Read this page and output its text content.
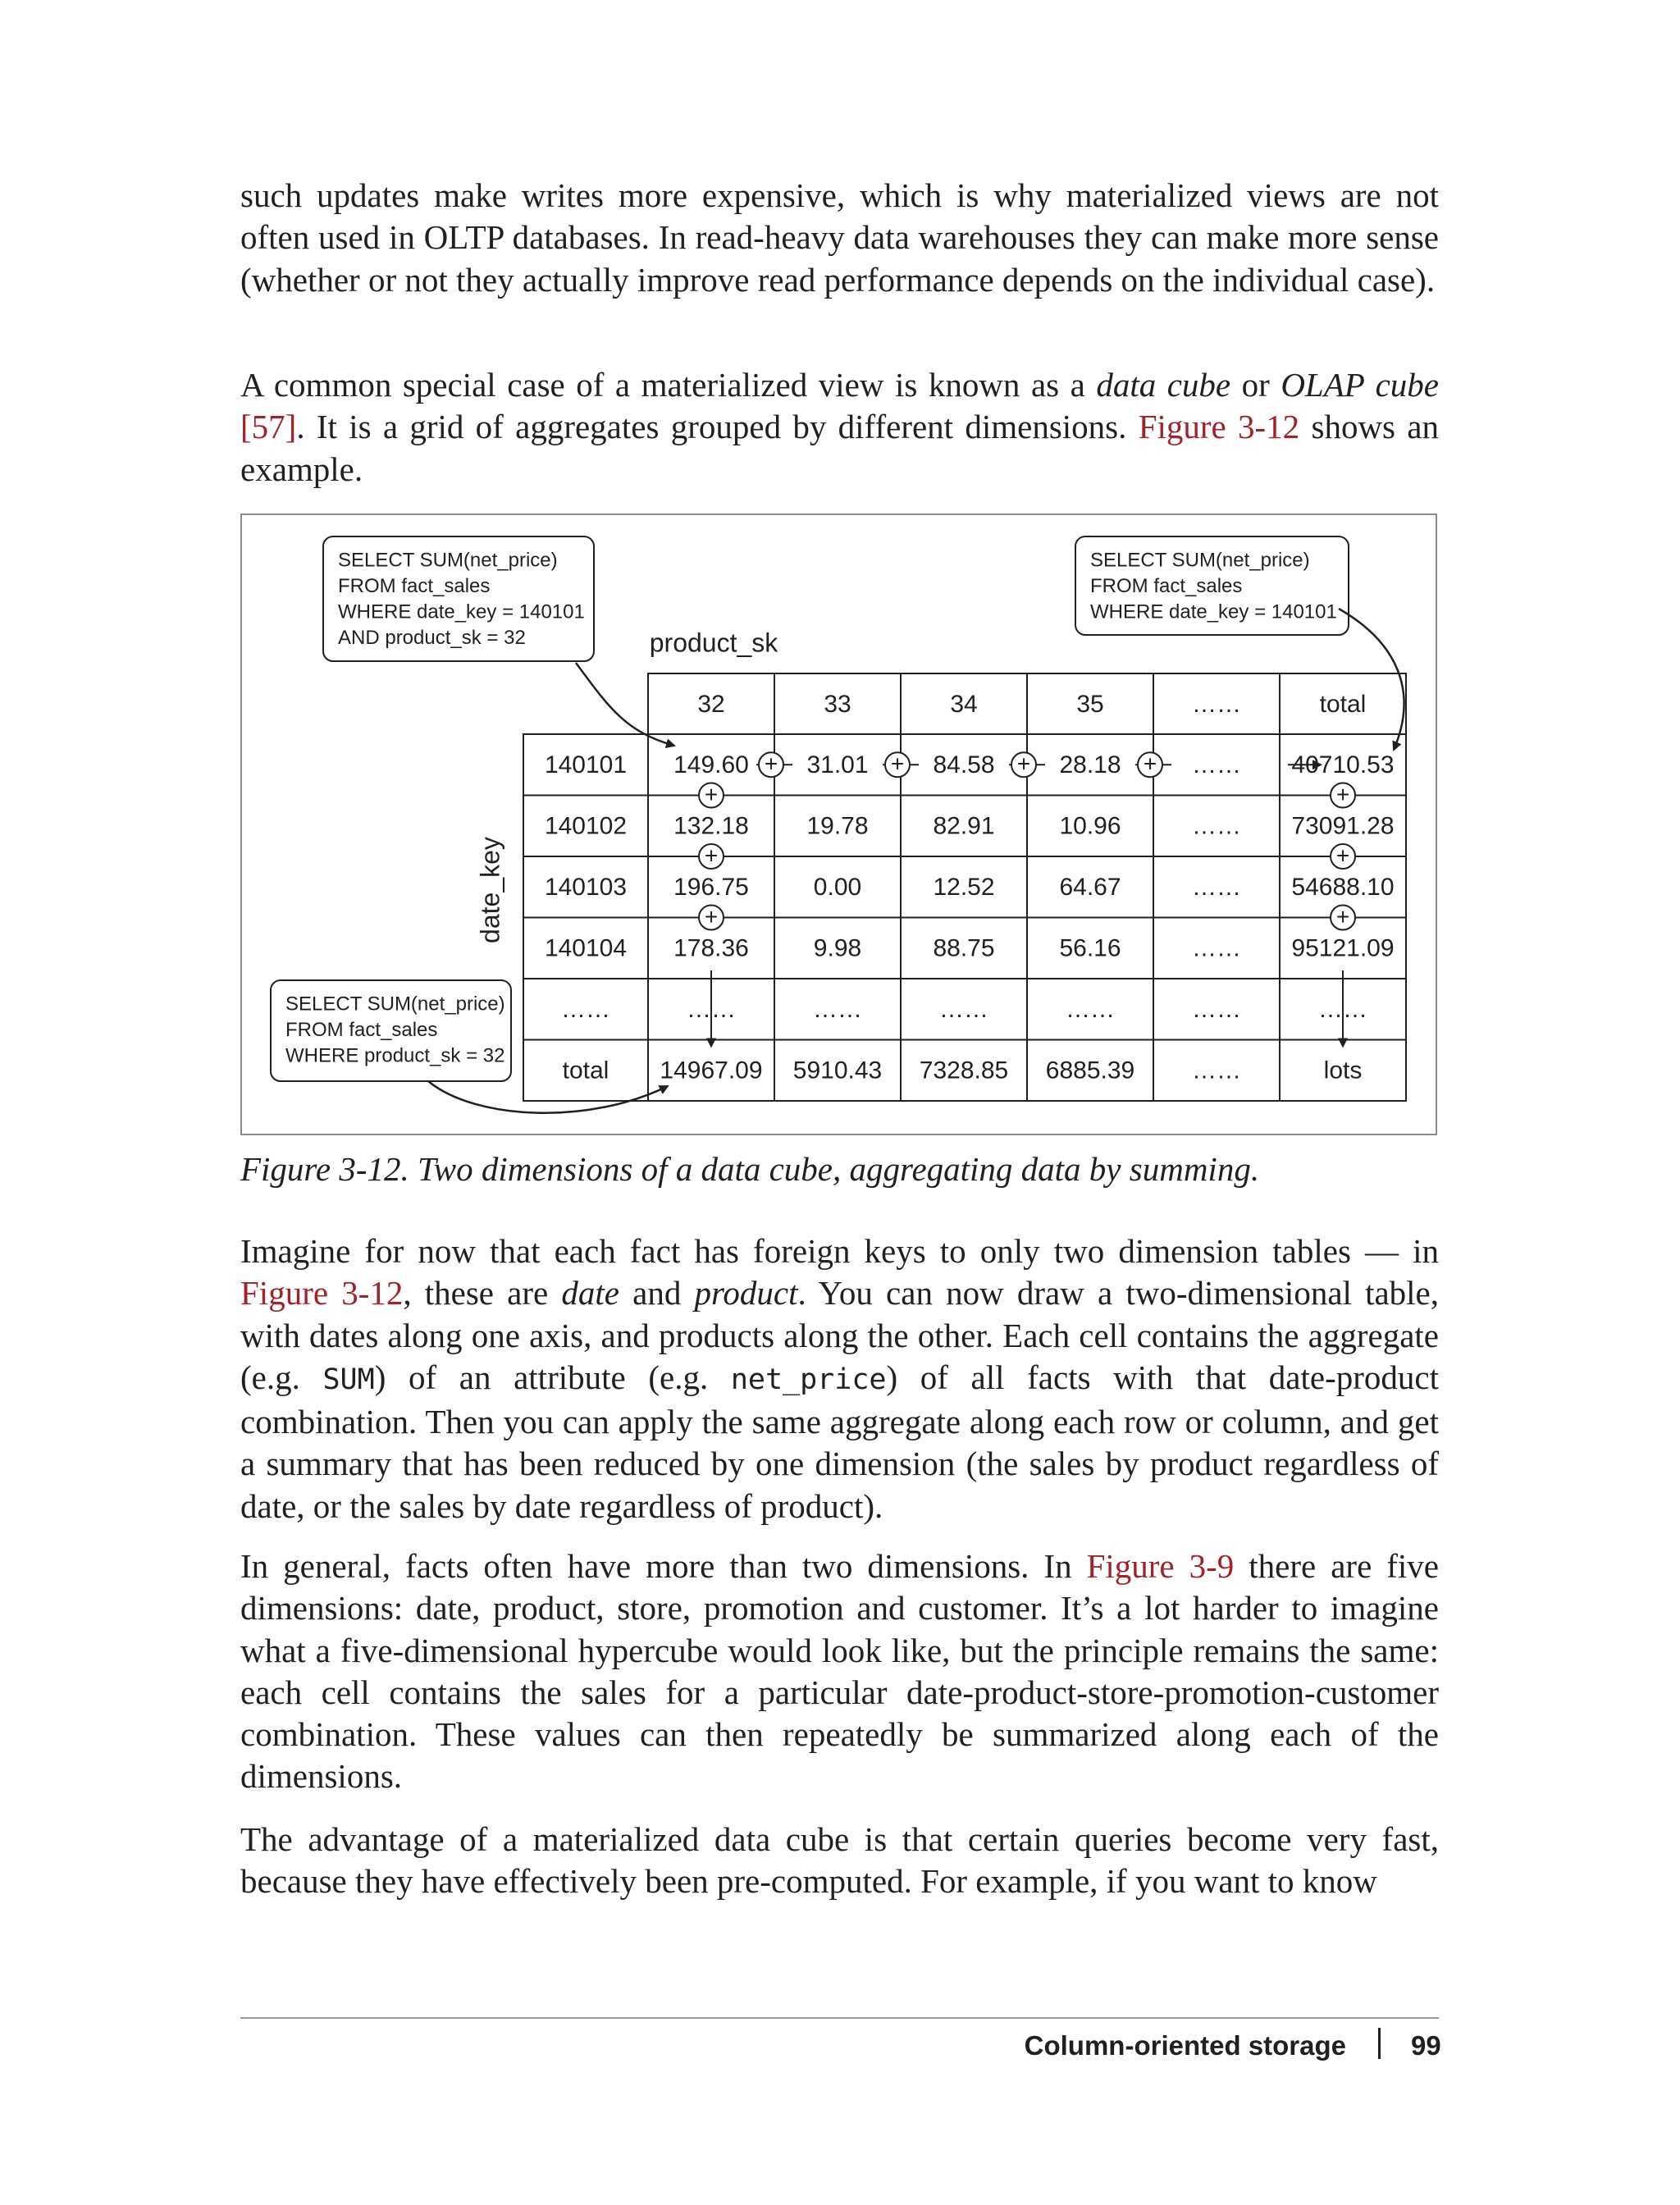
such updates make writes more expensive, which is why materialized views are not often used in OLTP databases. In read-heavy data warehouses they can make more sense (whether or not they actually improve read performance depends on the individual case).

A common special case of a materialized view is known as a data cube or OLAP cube [57]. It is a grid of aggregates grouped by different dimensions. Figure 3-12 shows an example.

32	33	34	35	……	total
product_sk
date_key
140101 149.60 31.01	84.58	28.18	…… 40710.53
140102 132.18 19.78	82.91	10.96	…… 73091.28
140103 196.75	0.00	12.52	64.67	…… 54688.10
140104 178.36	9.98	88.75	56.16	…… 95121.09
……	……	……	……	……	……	……
total 14967.09 5910.43 7328.85 6885.39 ……	lots
+	+	+	+
+
+
+
+
+
+
SELECT SUM(net_price)
FROM fact_sales
WHERE date_key = 140101
AND product_sk = 32
SELECT SUM(net_price)
FROM fact_sales
WHERE date_key = 140101
SELECT SUM(net_price)
FROM fact_sales
WHERE product_sk = 32

Figure 3-12. Two dimensions of a data cube, aggregating data by summing.

Imagine for now that each fact has foreign keys to only two dimension tables — in Figure 3-12, these are date and product. You can now draw a two-dimensional table, with dates along one axis, and products along the other. Each cell contains the aggregate (e.g. SUM) of an attribute (e.g. net_price) of all facts with that date-product combination. Then you can apply the same aggregate along each row or column, and get a summary that has been reduced by one dimension (the sales by product regardless of date, or the sales by date regardless of product).

In general, facts often have more than two dimensions. In Figure 3-9 there are five dimensions: date, product, store, promotion and customer. It’s a lot harder to imagine what a five-dimensional hypercube would look like, but the principle remains the same: each cell contains the sales for a particular date-product-store-promotion-customer combination. These values can then repeatedly be summarized along each of the dimensions.

The advantage of a materialized data cube is that certain queries become very fast, because they have effectively been pre-computed. For example, if you want to know

Column-oriented storage 99
